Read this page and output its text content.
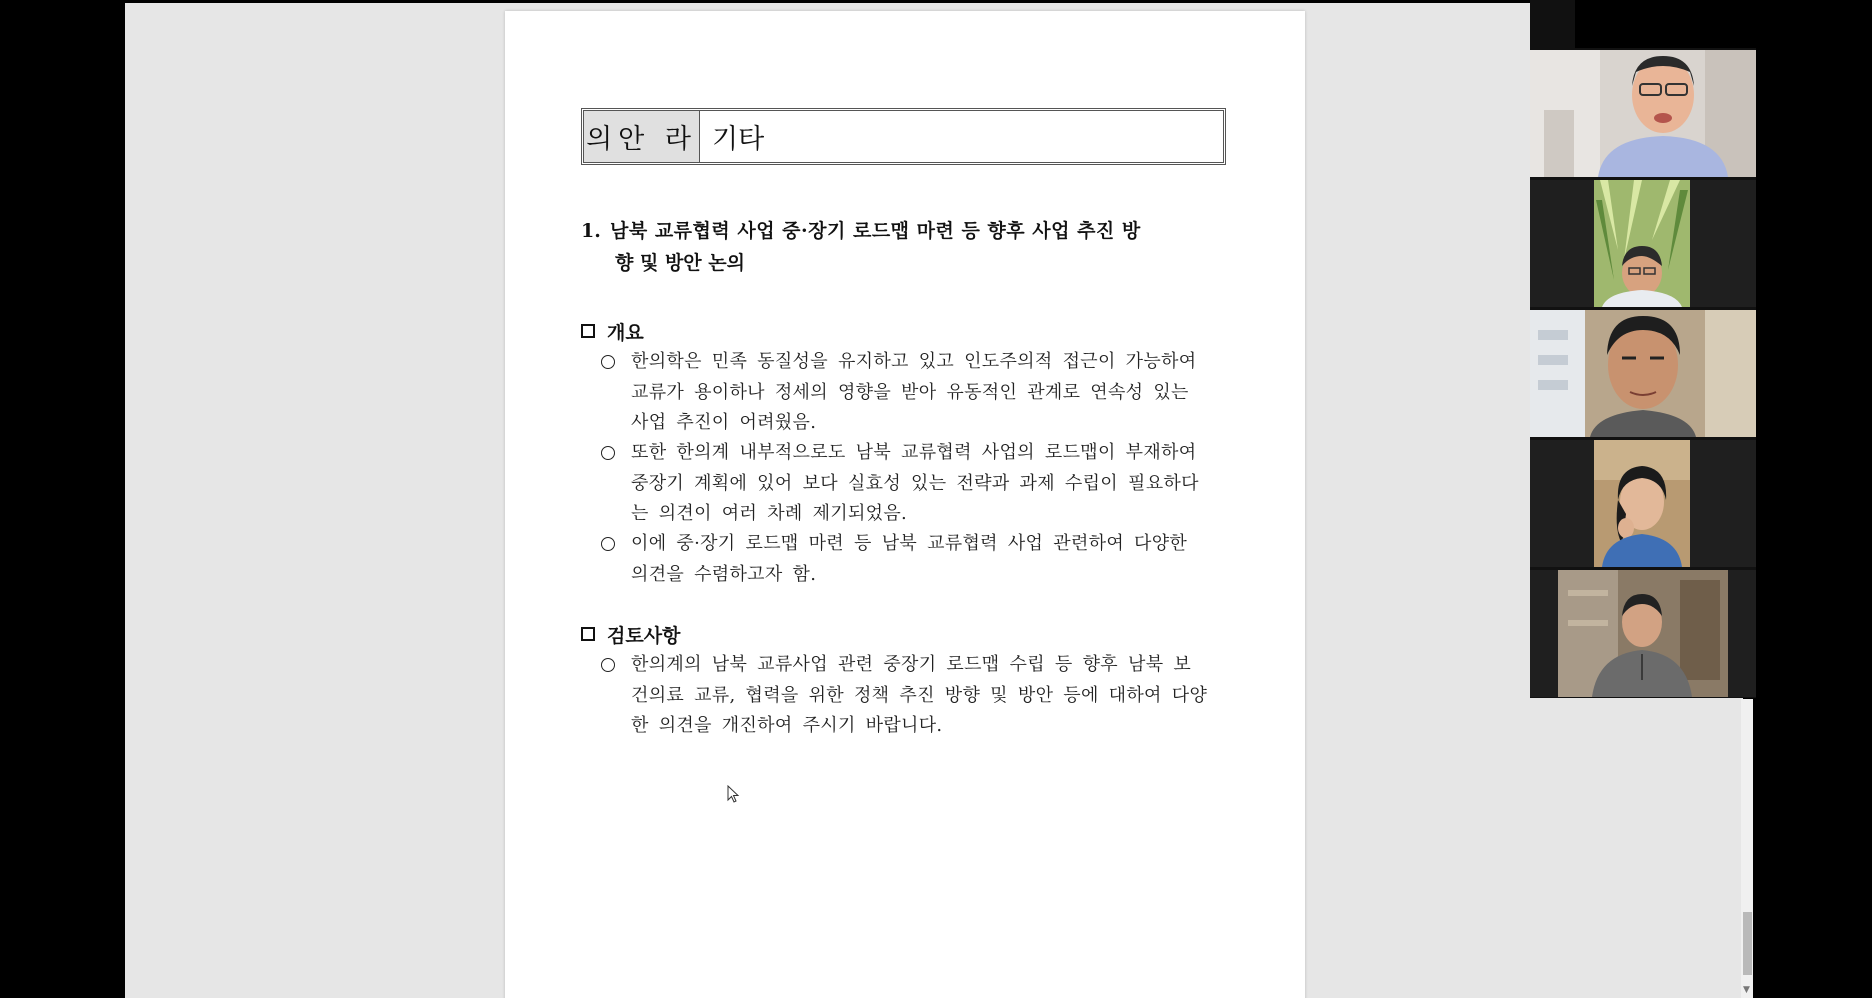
의안 라 기타
1. 남북 교류협력 사업 중·장기 로드맵 마련 등 향후 사업 추진 방
향 및 방안 논의
개요
한의학은 민족 동질성을 유지하고 있고 인도주의적 접근이 가능하여
교류가 용이하나 정세의 영향을 받아 유동적인 관계로 연속성 있는
사업 추진이 어려웠음.
또한 한의계 내부적으로도 남북 교류협력 사업의 로드맵이 부재하여
중장기 계획에 있어 보다 실효성 있는 전략과 과제 수립이 필요하다
는 의견이 여러 차례 제기되었음.
이에 중·장기 로드맵 마련 등 남북 교류협력 사업 관련하여 다양한
의견을 수렴하고자 함.
검토사항
한의계의 남북 교류사업 관련 중장기 로드맵 수립 등 향후 남북 보
건의료 교류, 협력을 위한 정책 추진 방향 및 방안 등에 대하여 다양
한 의견을 개진하여 주시기 바랍니다.
▼
